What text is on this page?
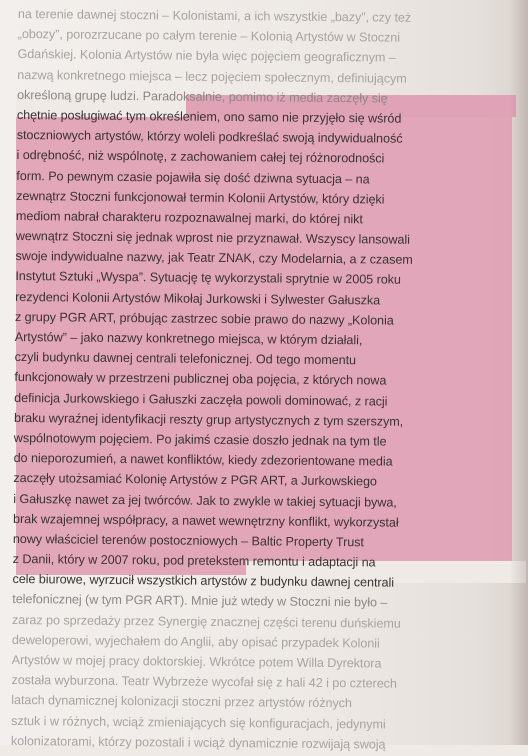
na terenie dawnej stoczni – Kolonistami, a ich wszystkie „bazy”, czy też
„obozy”, porozrzucane po całym terenie – Kolonią Artystów w Stoczni
Gdańskiej. Kolonia Artystów nie była więc pojęciem geograficznym –
nazwą konkretnego miejsca – lecz pojęciem społecznym, definiującym
określoną grupę ludzi. Paradoksalnie, pomimo iż media zaczęły się
chętnie posługiwać tym określeniem, ono samo nie przyjęło się wśród
stoczniowych artystów, którzy woleli podkreślać swoją indywidualność
i odrębność, niż wspólnotę, z zachowaniem całej tej różnorodności
form. Po pewnym czasie pojawiła się dość dziwna sytuacja – na
zewnątrz Stoczni funkcjonował termin Kolonii Artystów, który dzięki
mediom nabrał charakteru rozpoznawalnej marki, do której nikt
wewnątrz Stoczni się jednak wprost nie przyznawał. Wszyscy lansowali
swoje indywidualne nazwy, jak Teatr ZNAK, czy Modelarnia, a z czasem
Instytut Sztuki „Wyspa”. Sytuację tę wykorzystali sprytnie w 2005 roku
rezydenci Kolonii Artystów Mikołaj Jurkowski i Sylwester Gałuszka
z grupy PGR ART, próbując zastrzec sobie prawo do nazwy „Kolonia
Artystów” – jako nazwy konkretnego miejsca, w którym działali,
czyli budynku dawnej centrali telefonicznej. Od tego momentu
funkcjonowały w przestrzeni publicznej oba pojęcia, z których nowa
definicja Jurkowskiego i Gałuszki zaczęła powoli dominować, z racji
braku wyraźnej identyfikacji reszty grup artystycznych z tym szerszym,
wspólnotowym pojęciem. Po jakimś czasie doszło jednak na tym tle
do nieporozumień, a nawet konfliktów, kiedy zdezorientowane media
zaczęły utożsamiać Kolonię Artystów z PGR ART, a Jurkowskiego
i Gałuszkę nawet za jej twórców. Jak to zwykle w takiej sytuacji bywa,
brak wzajemnej współpracy, a nawet wewnętrzny konflikt, wykorzystał
nowy właściciel terenów postoczniowych – Baltic Property Trust
z Danii, który w 2007 roku, pod pretekstem remontu i adaptacji na
cele biurowe, wyrzucił wszystkich artystów z budynku dawnej centrali
telefonicznej (w tym PGR ART). Mnie już wtedy w Stoczni nie było –
zaraz po sprzedaży przez Synergię znacznej części terenu duńskiemu
deweloperowi, wyjechałem do Anglii, aby opisać przypadek Kolonii
Artystów w mojej pracy doktorskiej. Wkrótce potem Willa Dyrektora
została wyburzona. Teatr Wybrzeże wycofał się z hali 42 i po czterech
latach dynamicznej kolonizacji stoczni przez artystów różnych
sztuk i w różnych, wciąż zmieniających się konfiguracjach, jedynymi
kolonizatorami, którzy pozostali i wciąż dynamicznie rozwijają swoją
